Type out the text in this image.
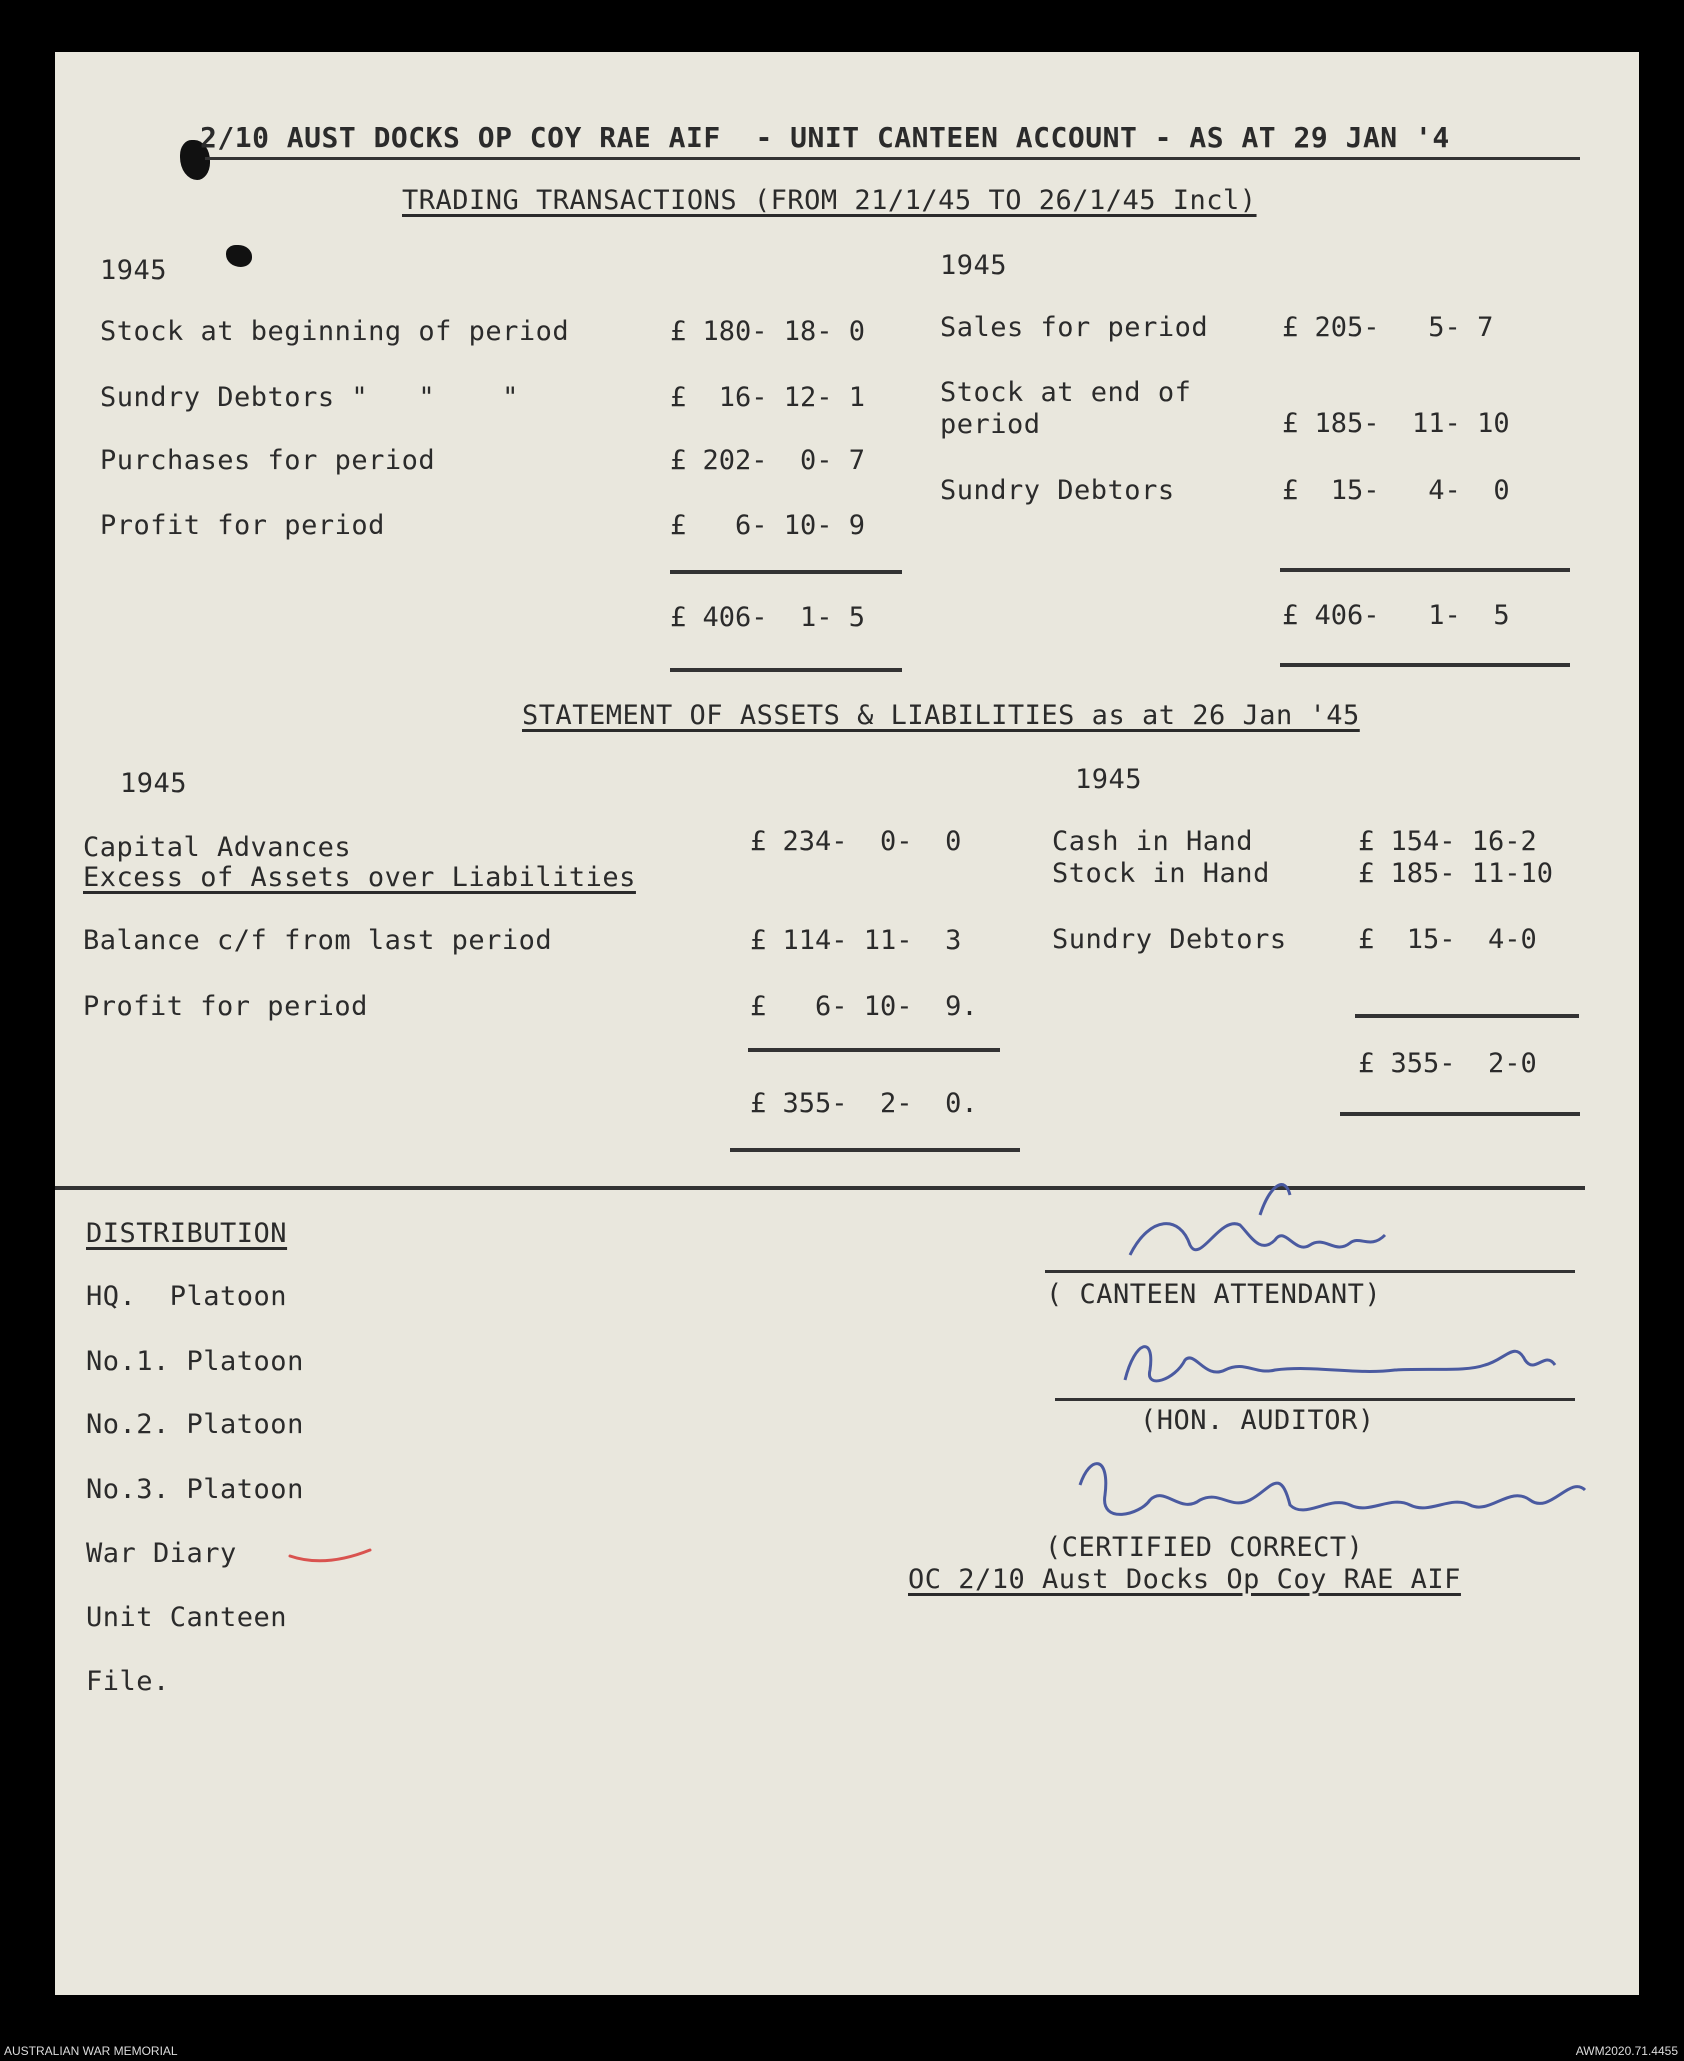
2/10 AUST DOCKS OP COY RAE AIF  - UNIT CANTEEN ACCOUNT - AS AT 29 JAN '4
TRADING TRANSACTIONS (FROM 21/1/45 TO 26/1/45 Incl)
1945
Stock at beginning of period	£ 180- 18- 0
Sundry Debtors "   "    "	£  16- 12- 1
Purchases for period	£ 202-  0- 7
Profit for period	£   6- 10- 9
£ 406-  1- 5
1945
Sales for period	£ 205-   5- 7
Stock at end of
period	£ 185-  11- 10
Sundry Debtors	£  15-   4-  0
£ 406-   1-  5
STATEMENT OF ASSETS & LIABILITIES as at 26 Jan '45
1945	1945
Capital Advances	£ 234-  0-  0
Excess of Assets over Liabilities
Balance c/f from last period	£ 114- 11-  3
Profit for period	£   6- 10-  9.
£ 355-  2-  0.
Cash in Hand	£ 154- 16-2
Stock in Hand	£ 185- 11-10
Sundry Debtors	£  15-  4-0
£ 355-  2-0
DISTRIBUTION
HQ.  Platoon
No.1. Platoon
No.2. Platoon
No.3. Platoon
War Diary
Unit Canteen
File.
( CANTEEN ATTENDANT)
(HON. AUDITOR)
(CERTIFIED CORRECT)
OC 2/10 Aust Docks Op Coy RAE AIF
AUSTRALIAN WAR MEMORIAL	AWM2020.71.4455
